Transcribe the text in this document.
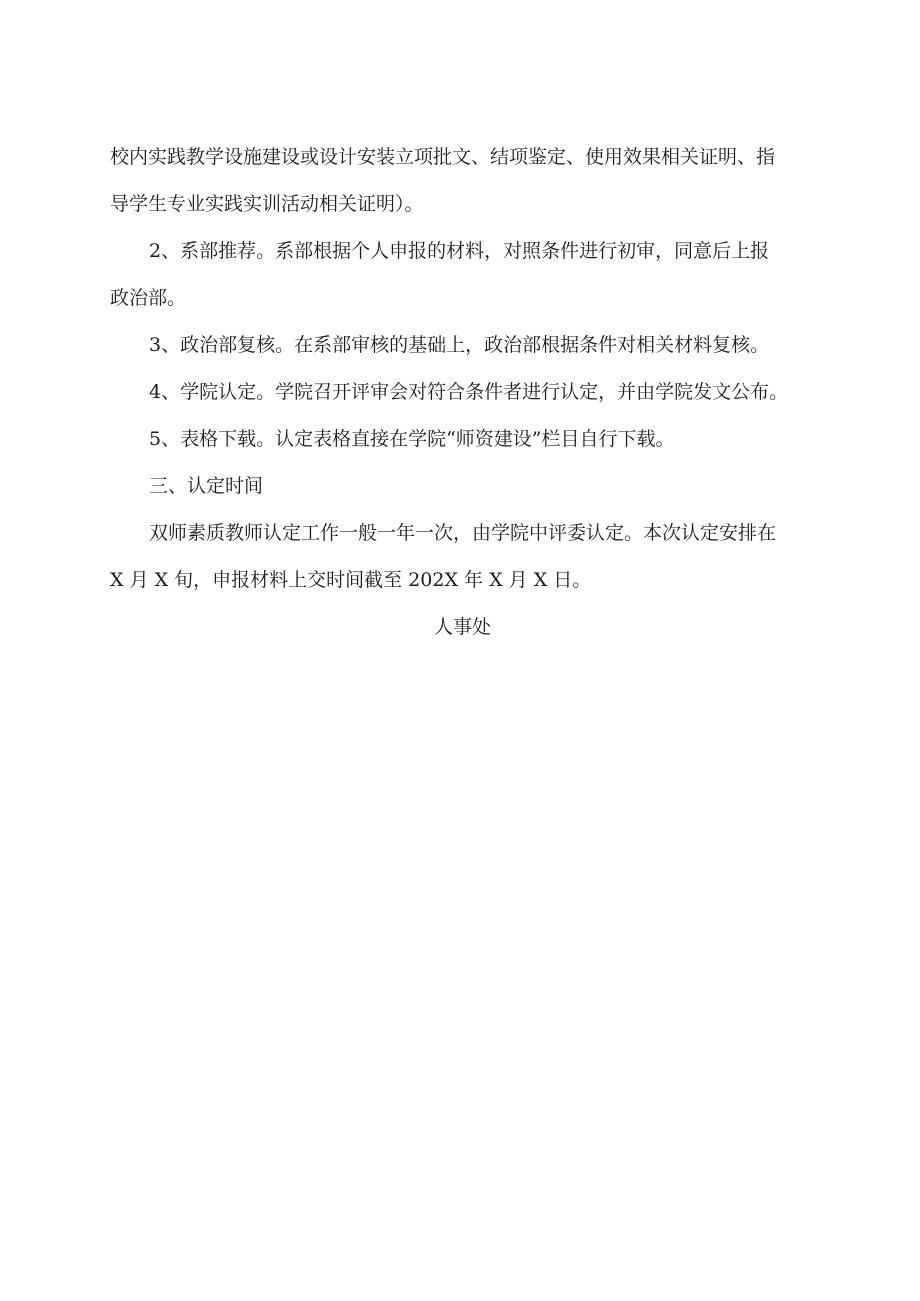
校内实践教学设施建设或设计安装立项批文、结项鉴定、使用效果相关证明、指
导学生专业实践实训活动相关证明）。
2、系部推荐。系部根据个人申报的材料，对照条件进行初审，同意后上报
政治部。
3、政治部复核。在系部审核的基础上，政治部根据条件对相关材料复核。
4、学院认定。学院召开评审会对符合条件者进行认定，并由学院发文公布。
5、表格下载。认定表格直接在学院“师资建设”栏目自行下载。
三、认定时间
双师素质教师认定工作一般一年一次，由学院中评委认定。本次认定安排在
X 月 X 旬，申报材料上交时间截至 202X 年 X 月 X 日。
人事处
